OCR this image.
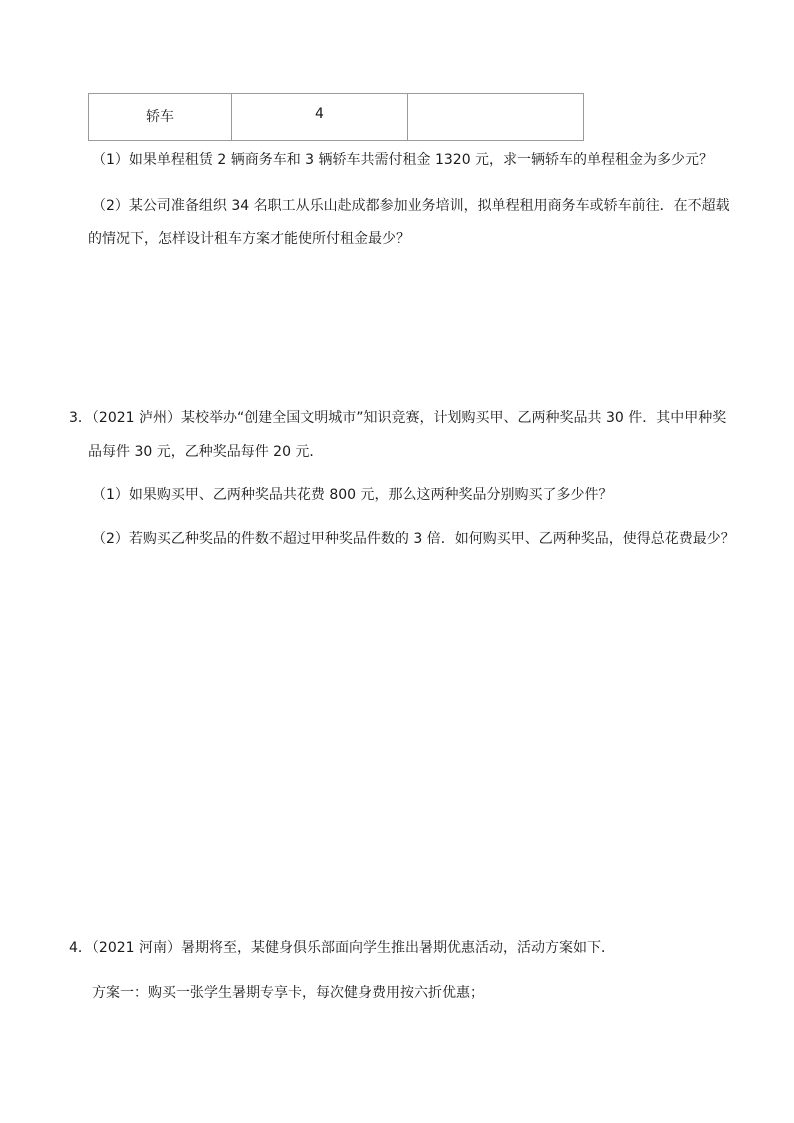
轿车	4	
（1）如果单程租赁 2 辆商务车和 3 辆轿车共需付租金 1320 元，求一辆轿车的单程租金为多少元？
（2）某公司准备组织 34 名职工从乐山赴成都参加业务培训，拟单程租用商务车或轿车前往．在不超载
的情况下，怎样设计租车方案才能使所付租金最少？
3．（2021 泸州）某校举办“创建全国文明城市”知识竞赛，计划购买甲、乙两种奖品共 30 件．其中甲种奖
品每件 30 元，乙种奖品每件 20 元．
（1）如果购买甲、乙两种奖品共花费 800 元，那么这两种奖品分别购买了多少件？
（2）若购买乙种奖品的件数不超过甲种奖品件数的 3 倍．如何购买甲、乙两种奖品，使得总花费最少？
4．（2021 河南）暑期将至，某健身俱乐部面向学生推出暑期优惠活动，活动方案如下．
方案一：购买一张学生暑期专享卡，每次健身费用按六折优惠；
